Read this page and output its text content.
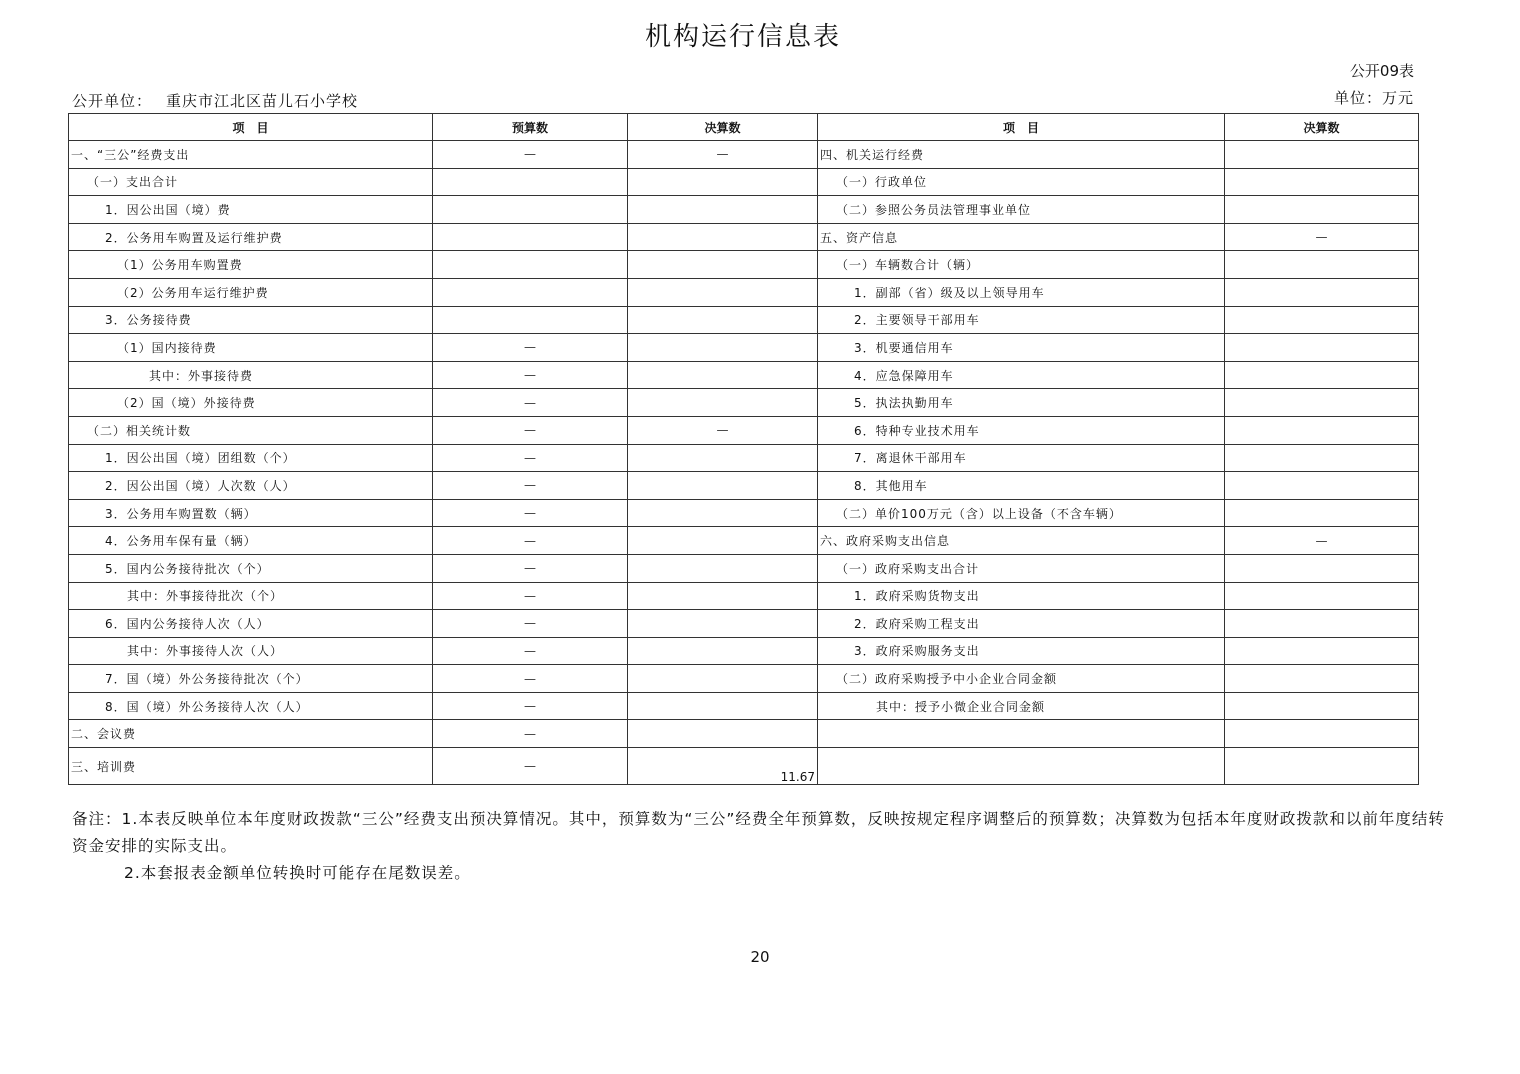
机构运行信息表
公开09表
公开单位： 重庆市江北区苗儿石小学校	单位：万元
项　目	预算数	决算数	项　目	决算数
一、“三公”经费支出	—	—	四、机关运行经费	
（一）支出合计			（一）行政单位	
1．因公出国（境）费			（二）参照公务员法管理事业单位	
2．公务用车购置及运行维护费			五、资产信息	—
（1）公务用车购置费			（一）车辆数合计（辆）	
（2）公务用车运行维护费			1．副部（省）级及以上领导用车	
3．公务接待费			2．主要领导干部用车	
（1）国内接待费	—		3．机要通信用车	
其中：外事接待费	—		4．应急保障用车	
（2）国（境）外接待费	—		5．执法执勤用车	
（二）相关统计数	—	—	6．特种专业技术用车	
1．因公出国（境）团组数（个）	—		7．离退休干部用车	
2．因公出国（境）人次数（人）	—		8．其他用车	
3．公务用车购置数（辆）	—		（二）单价100万元（含）以上设备（不含车辆）	
4．公务用车保有量（辆）	—		六、政府采购支出信息	—
5．国内公务接待批次（个）	—		（一）政府采购支出合计	
其中：外事接待批次（个）	—		1．政府采购货物支出	
6．国内公务接待人次（人）	—		2．政府采购工程支出	
其中：外事接待人次（人）	—		3．政府采购服务支出	
7．国（境）外公务接待批次（个）	—		（二）政府采购授予中小企业合同金额	
8．国（境）外公务接待人次（人）	—		其中：授予小微企业合同金额	
二、会议费	—			
三、培训费	—	11.67		
备注：1.本表反映单位本年度财政拨款“三公”经费支出预决算情况。其中，预算数为“三公”经费全年预算数，反映按规定程序调整后的预算数；决算数为包括本年度财政拨款和以前年度结转资金安排的实际支出。
2.本套报表金额单位转换时可能存在尾数误差。
20
